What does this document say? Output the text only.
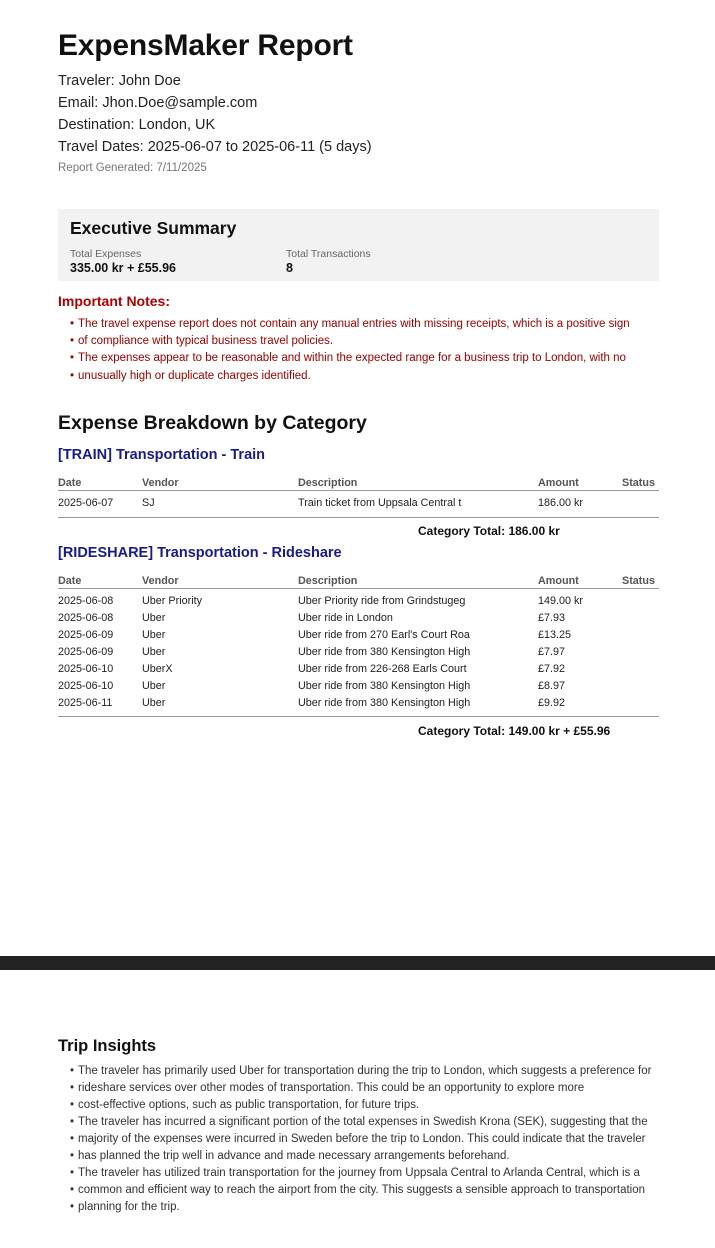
ExpensMaker Report
Traveler: John Doe
Email: Jhon.Doe@sample.com
Destination: London, UK
Travel Dates: 2025-06-07 to 2025-06-11 (5 days)
Report Generated: 7/11/2025
Executive Summary
Total Expenses
335.00 kr + £55.96
Total Transactions
8
Important Notes:
• The travel expense report does not contain any manual entries with missing receipts, which is a positive sign
• of compliance with typical business travel policies.
• The expenses appear to be reasonable and within the expected range for a business trip to London, with no
• unusually high or duplicate charges identified.
Expense Breakdown by Category
[TRAIN] Transportation - Train
Date	Vendor	Description	Amount	Status
2025-06-07	SJ	Train ticket from Uppsala Central t	186.00 kr	
Category Total: 186.00 kr
[RIDESHARE] Transportation - Rideshare
Date	Vendor	Description	Amount	Status
2025-06-08	Uber Priority	Uber Priority ride from Grindstugeg	149.00 kr	
2025-06-08	Uber	Uber ride in London	£7.93	
2025-06-09	Uber	Uber ride from 270 Earl's Court Roa	£13.25	
2025-06-09	Uber	Uber ride from 380 Kensington High	£7.97	
2025-06-10	UberX	Uber ride from 226-268 Earls Court	£7.92	
2025-06-10	Uber	Uber ride from 380 Kensington High	£8.97	
2025-06-11	Uber	Uber ride from 380 Kensington High	£9.92	
Category Total: 149.00 kr + £55.96
Trip Insights
• The traveler has primarily used Uber for transportation during the trip to London, which suggests a preference for
• rideshare services over other modes of transportation. This could be an opportunity to explore more
• cost-effective options, such as public transportation, for future trips.
• The traveler has incurred a significant portion of the total expenses in Swedish Krona (SEK), suggesting that the
• majority of the expenses were incurred in Sweden before the trip to London. This could indicate that the traveler
• has planned the trip well in advance and made necessary arrangements beforehand.
• The traveler has utilized train transportation for the journey from Uppsala Central to Arlanda Central, which is a
• common and efficient way to reach the airport from the city. This suggests a sensible approach to transportation
• planning for the trip.
